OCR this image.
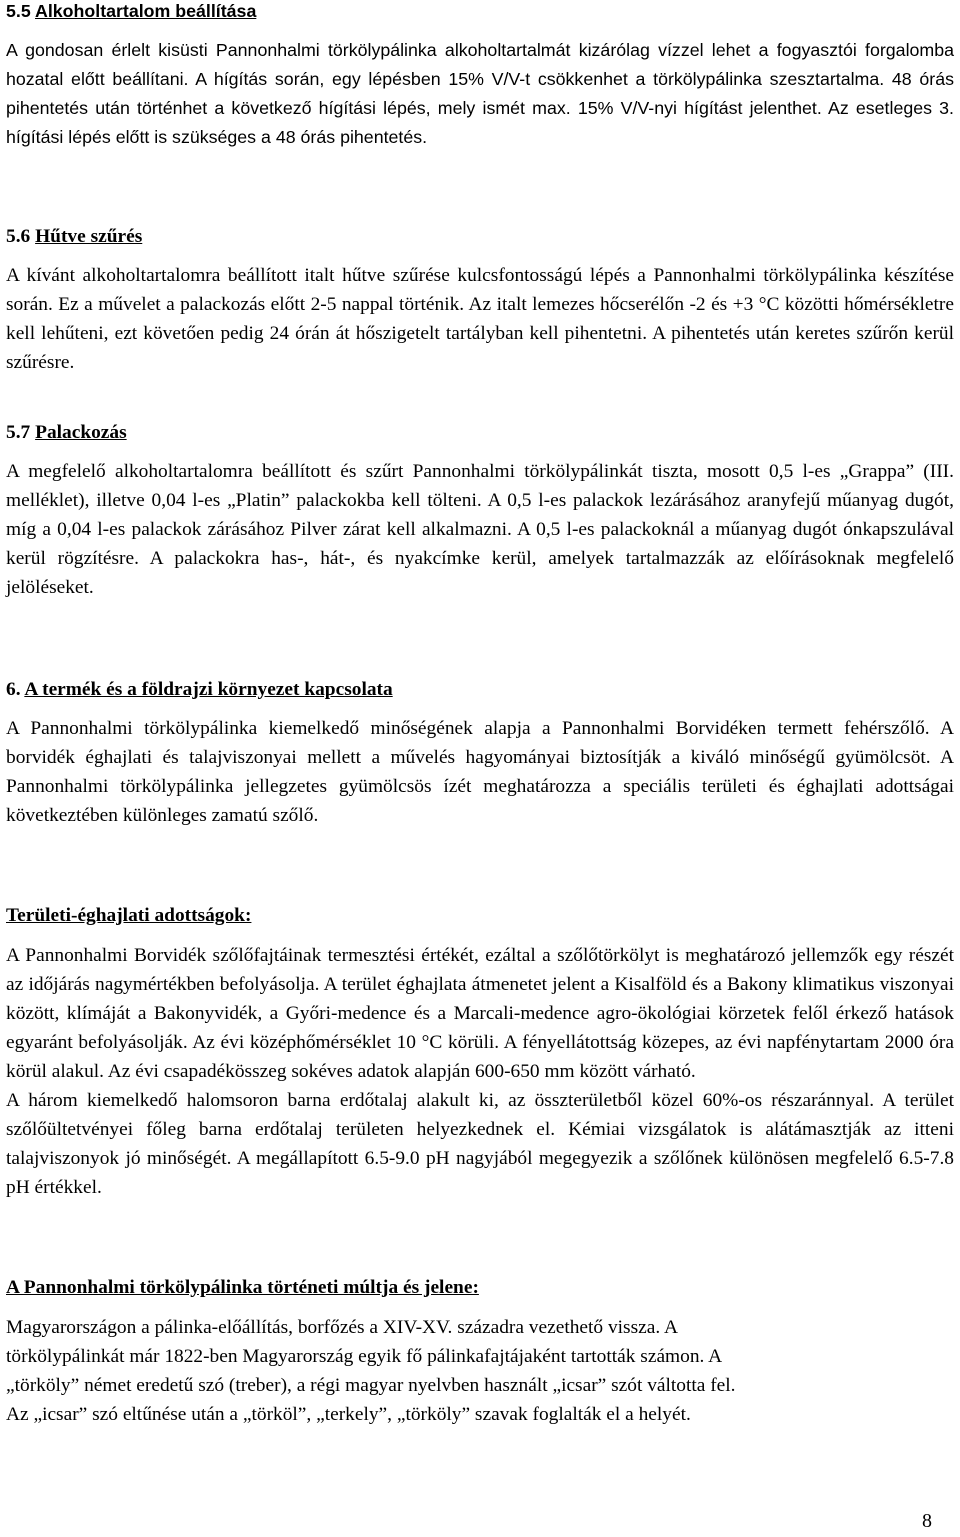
5.5 Alkoholtartalom beállítása

A gondosan érlelt kisüsti Pannonhalmi törkölypálinka alkoholtartalmát kizárólag vízzel lehet a fogyasztói forgalomba hozatal előtt beállítani. A hígítás során, egy lépésben 15% V/V-t csökkenhet a törkölypálinka szesztartalma. 48 órás pihentetés után történhet a következő hígítási lépés, mely ismét max. 15% V/V-nyi hígítást jelenthet. Az esetleges 3. hígítási lépés előtt is szükséges a 48 órás pihentetés.

5.6 Hűtve szűrés

A kívánt alkoholtartalomra beállított italt hűtve szűrése kulcsfontosságú lépés a Pannonhalmi törkölypálinka készítése során. Ez a művelet a palackozás előtt 2-5 nappal történik. Az italt lemezes hőcserélőn -2 és +3 °C közötti hőmérsékletre kell lehűteni, ezt követően pedig 24 órán át hőszigetelt tartályban kell pihentetni. A pihentetés után keretes szűrőn kerül szűrésre.

5.7 Palackozás

A megfelelő alkoholtartalomra beállított és szűrt Pannonhalmi törkölypálinkát tiszta, mosott 0,5 l-es „Grappa” (III. melléklet), illetve 0,04 l-es „Platin” palackokba kell tölteni. A 0,5 l-es palackok lezárásához aranyfejű műanyag dugót, míg a 0,04 l-es palackok zárásához Pilver zárat kell alkalmazni. A 0,5 l-es palackoknál a műanyag dugót ónkapszulával kerül rögzítésre. A palackokra has-, hát-, és nyakcímke kerül, amelyek tartalmazzák az előírásoknak megfelelő jelöléseket.

6. A termék és a földrajzi környezet kapcsolata

A Pannonhalmi törkölypálinka kiemelkedő minőségének alapja a Pannonhalmi Borvidéken termett fehérszőlő. A borvidék éghajlati és talajviszonyai mellett a művelés hagyományai biztosítják a kiváló minőségű gyümölcsöt. A Pannonhalmi törkölypálinka jellegzetes gyümölcsös ízét meghatározza a speciális területi és éghajlati adottságai következtében különleges zamatú szőlő.

Területi-éghajlati adottságok:

A Pannonhalmi Borvidék szőlőfajtáinak termesztési értékét, ezáltal a szőlőtörkölyt is meghatározó jellemzők egy részét az időjárás nagymértékben befolyásolja. A terület éghajlata átmenetet jelent a Kisalföld és a Bakony klimatikus viszonyai között, klímáját a Bakonyvidék, a Győri-medence és a Marcali-medence agro-ökológiai körzetek felől érkező hatások egyaránt befolyásolják. Az évi középhőmérséklet 10 °C körüli. A fényellátottság közepes, az évi napfénytartam 2000 óra körül alakul. Az évi csapadékösszeg sokéves adatok alapján 600-650 mm között várható.

A három kiemelkedő halomsoron barna erdőtalaj alakult ki, az összterületből közel 60%-os részaránnyal. A terület szőlőültetvényei főleg barna erdőtalaj területen helyezkednek el. Kémiai vizsgálatok is alátámasztják az itteni talajviszonyok jó minőségét. A megállapított 6.5-9.0 pH nagyjából megegyezik a szőlőnek különösen megfelelő 6.5-7.8 pH értékkel.

A Pannonhalmi törkölypálinka történeti múltja és jelene:

Magyarországon a pálinka-előállítás, borfőzés a XIV-XV. századra vezethető vissza. A

törkölypálinkát már 1822-ben Magyarország egyik fő pálinkafajtájaként tartották számon. A

„törköly” német eredetű szó (treber), a régi magyar nyelvben használt „icsar” szót váltotta fel.

Az „icsar” szó eltűnése után a „törköl”, „terkely”, „törköly” szavak foglalták el a helyét.

8
